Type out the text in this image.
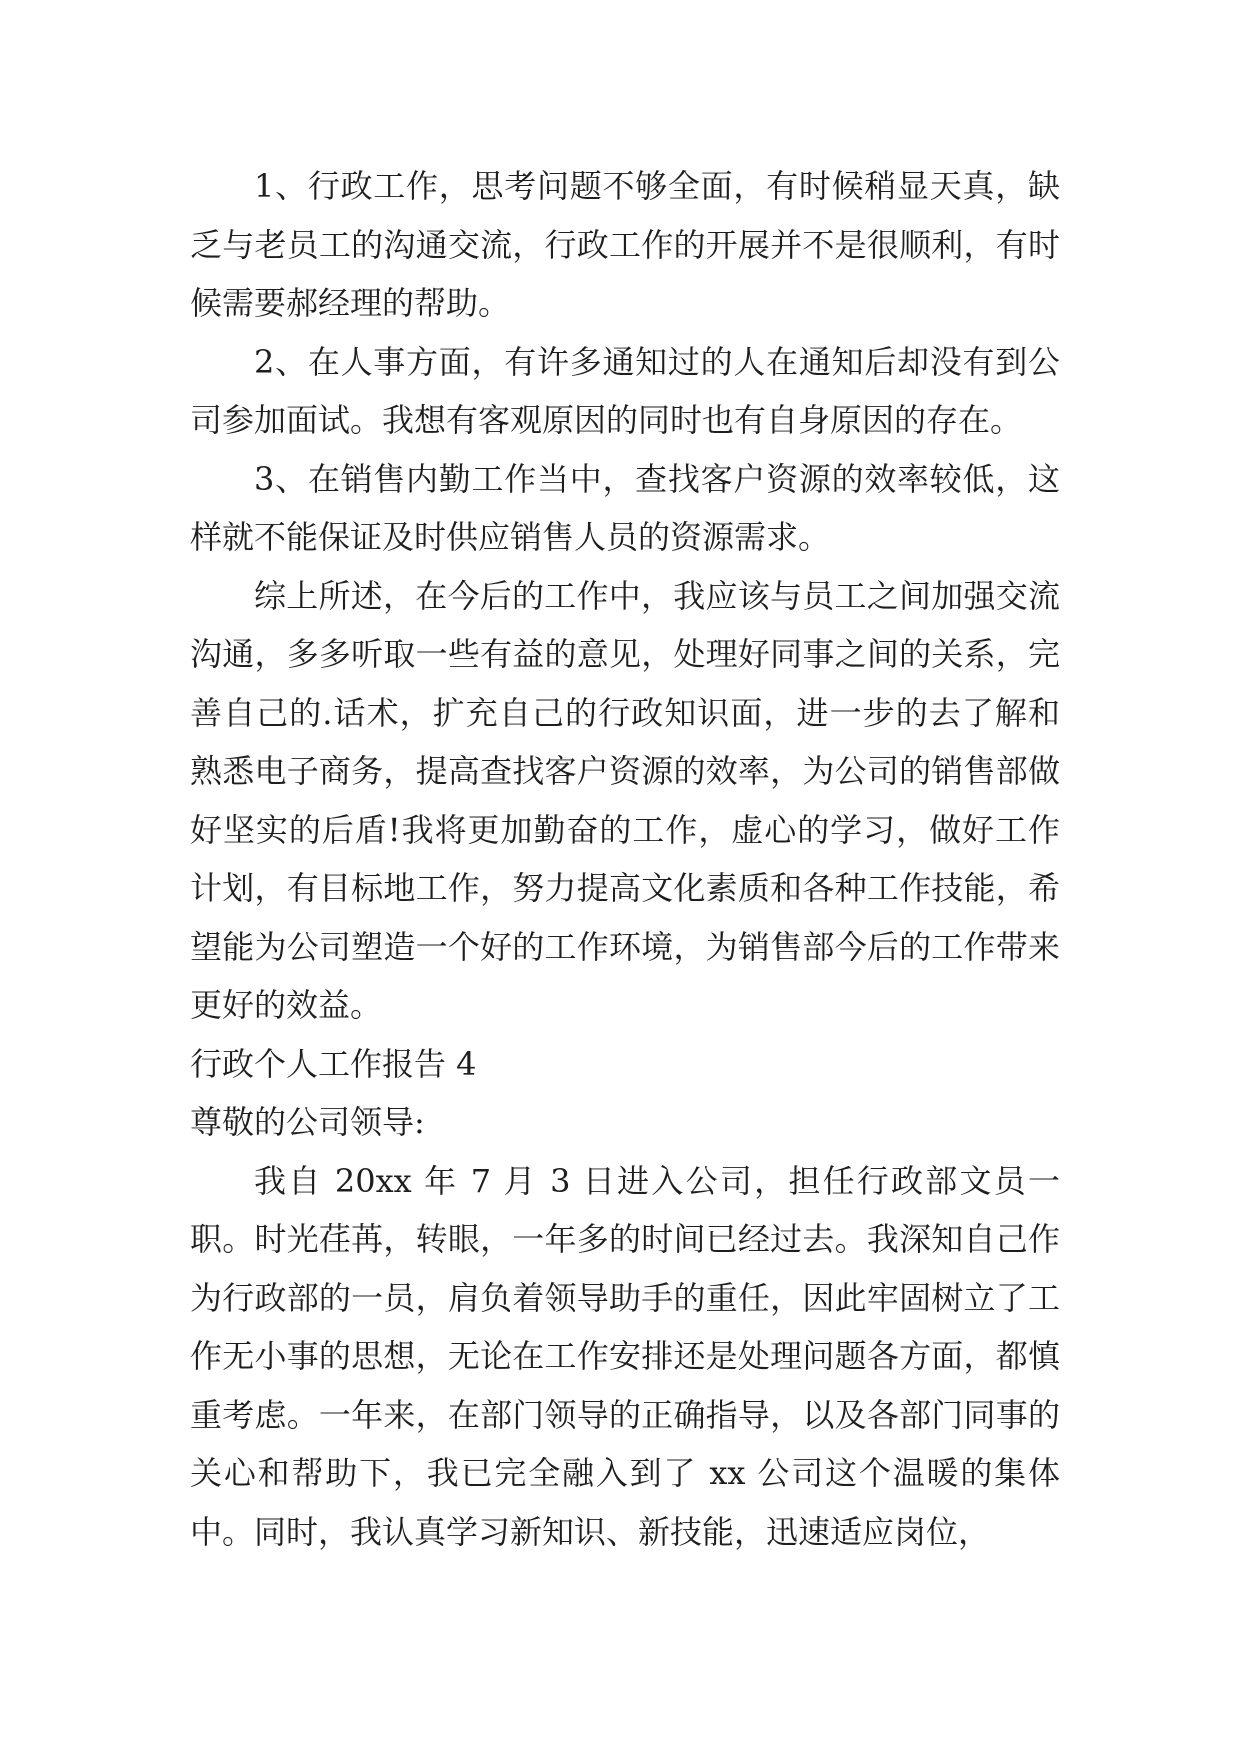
1、行政工作，思考问题不够全面，有时候稍显天真，缺乏与老员工的沟通交流，行政工作的开展并不是很顺利，有时候需要郝经理的帮助。

2、在人事方面，有许多通知过的人在通知后却没有到公司参加面试。我想有客观原因的同时也有自身原因的存在。

3、在销售内勤工作当中，查找客户资源的效率较低，这样就不能保证及时供应销售人员的资源需求。

综上所述，在今后的工作中，我应该与员工之间加强交流沟通，多多听取一些有益的意见，处理好同事之间的关系，完善自己的.话术，扩充自己的行政知识面，进一步的去了解和熟悉电子商务，提高查找客户资源的效率，为公司的销售部做好坚实的后盾!我将更加勤奋的工作，虚心的学习，做好工作计划，有目标地工作，努力提高文化素质和各种工作技能，希望能为公司塑造一个好的工作环境，为销售部今后的工作带来更好的效益。

行政个人工作报告 4

尊敬的公司领导:

我自 20xx 年 7 月 3 日进入公司，担任行政部文员一职。时光荏苒，转眼，一年多的时间已经过去。我深知自己作为行政部的一员，肩负着领导助手的重任，因此牢固树立了工作无小事的思想，无论在工作安排还是处理问题各方面，都慎重考虑。一年来，在部门领导的正确指导，以及各部门同事的关心和帮助下，我已完全融入到了 xx 公司这个温暖的集体中。同时，我认真学习新知识、新技能，迅速适应岗位，
